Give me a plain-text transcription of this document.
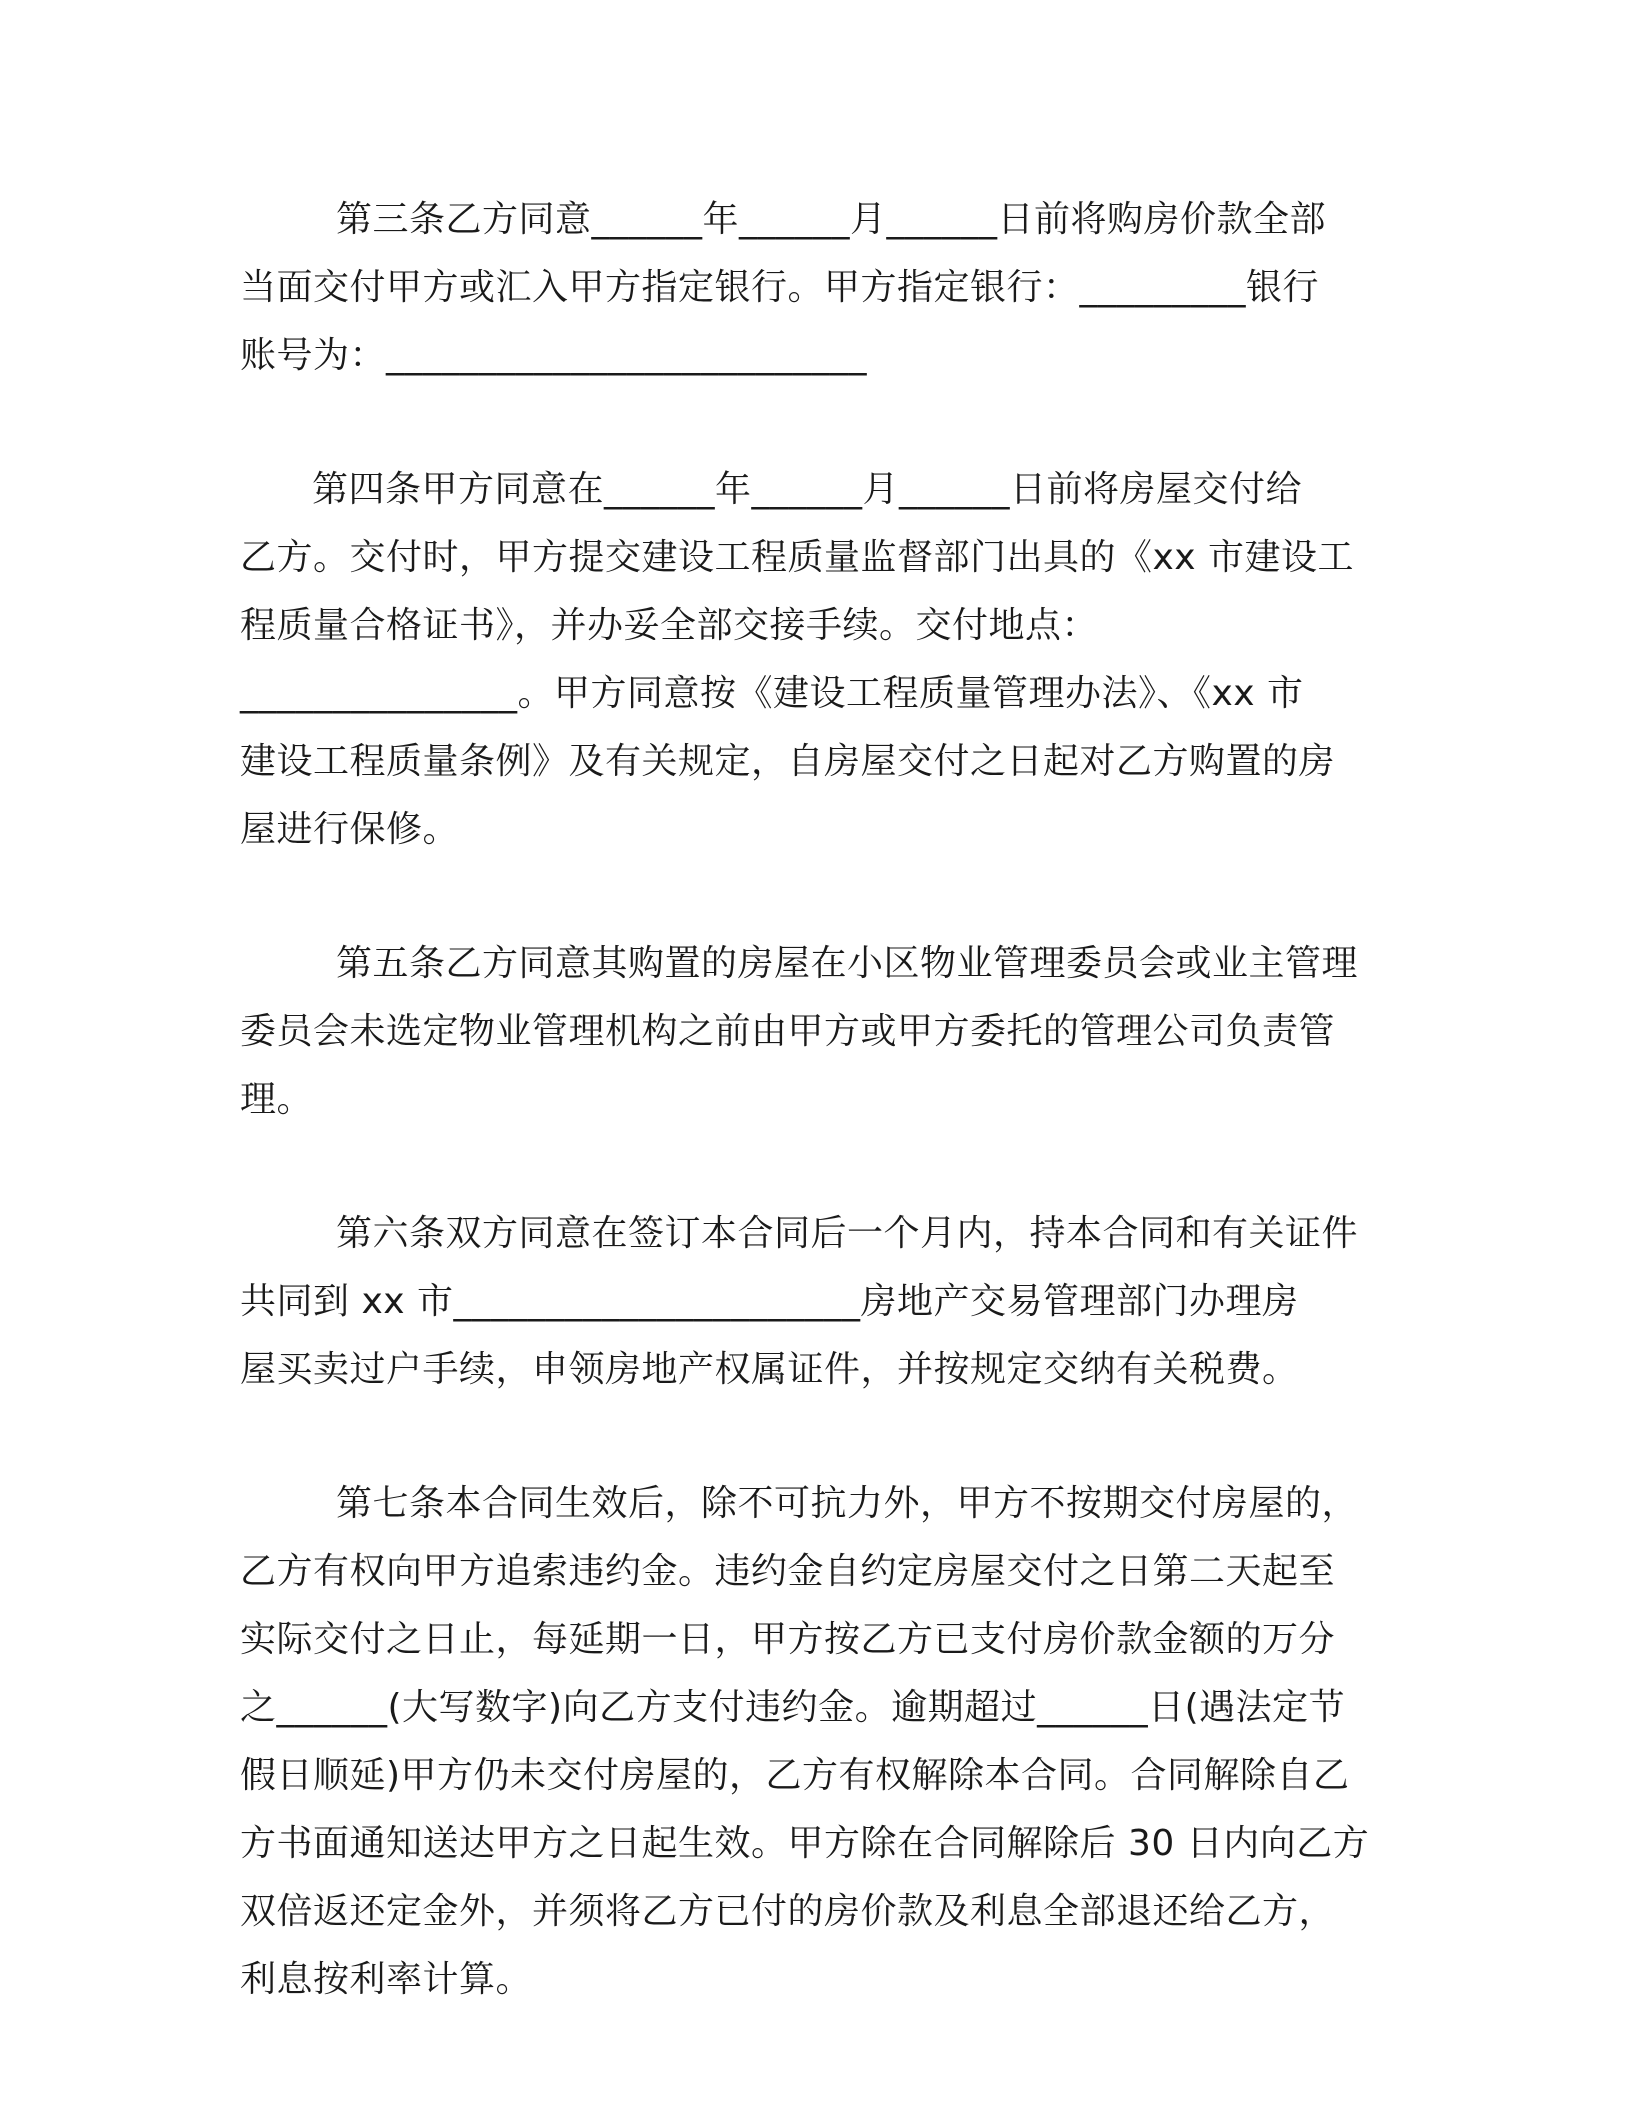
第三条乙方同意______年______月______日前将购房价款全部
当面交付甲方或汇入甲方指定银行。甲方指定银行：_________银行
账号为：__________________________
第四条甲方同意在______年______月______日前将房屋交付给
乙方。交付时，甲方提交建设工程质量监督部门出具的《xx 市建设工
程质量合格证书》，并办妥全部交接手续。交付地点：
_______________。甲方同意按《建设工程质量管理办法》、《xx 市
建设工程质量条例》及有关规定，自房屋交付之日起对乙方购置的房
屋进行保修。
第五条乙方同意其购置的房屋在小区物业管理委员会或业主管理
委员会未选定物业管理机构之前由甲方或甲方委托的管理公司负责管
理。
第六条双方同意在签订本合同后一个月内，持本合同和有关证件
共同到 xx 市______________________房地产交易管理部门办理房
屋买卖过户手续，申领房地产权属证件，并按规定交纳有关税费。
第七条本合同生效后，除不可抗力外，甲方不按期交付房屋的，
乙方有权向甲方追索违约金。违约金自约定房屋交付之日第二天起至
实际交付之日止，每延期一日，甲方按乙方已支付房价款金额的万分
之______(大写数字)向乙方支付违约金。逾期超过______日(遇法定节
假日顺延)甲方仍未交付房屋的，乙方有权解除本合同。合同解除自乙
方书面通知送达甲方之日起生效。甲方除在合同解除后 30 日内向乙方
双倍返还定金外，并须将乙方已付的房价款及利息全部退还给乙方，
利息按利率计算。
